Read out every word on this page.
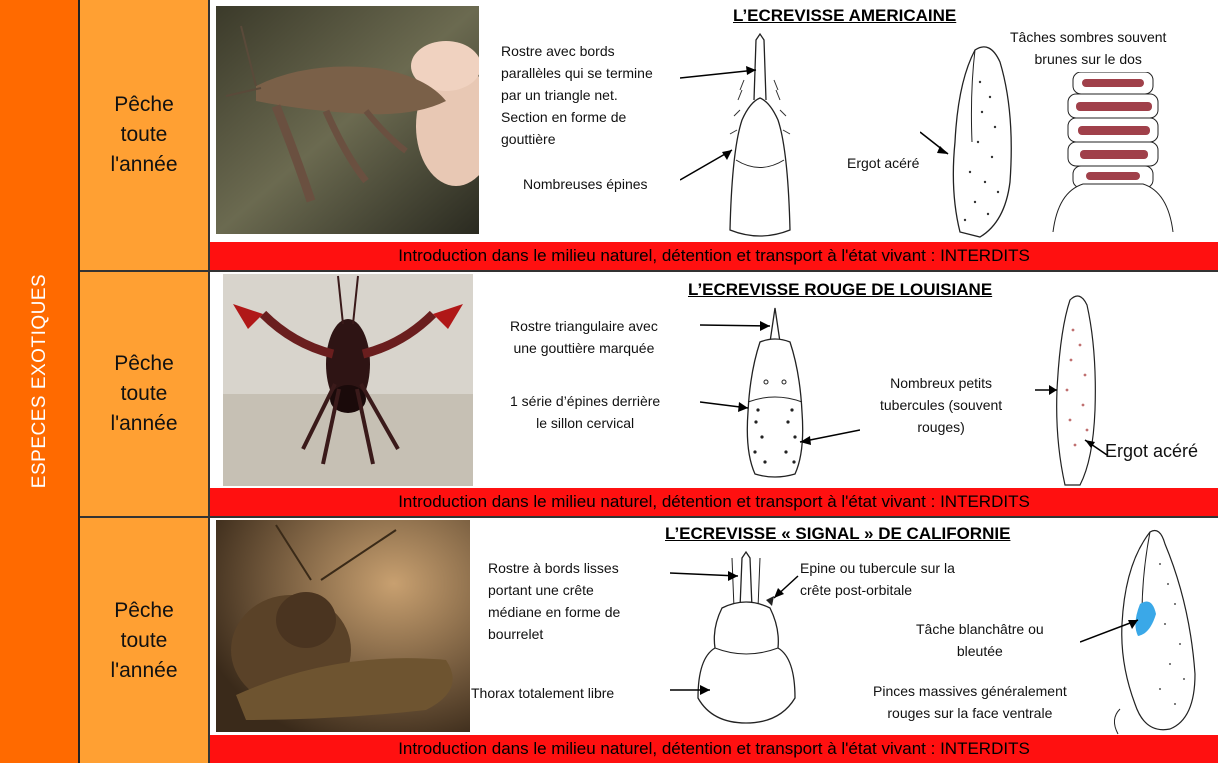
ESPECES EXOTIQUES

Pêche
toute
l'année

L’ECREVISSE AMERICAINE
Rostre avec bords
parallèles qui se termine
par un triangle net.
Section en forme de
gouttière
Nombreuses épines
Ergot acéré
Tâches sombres souvent
brunes sur le dos
Introduction dans le milieu naturel, détention et transport à l'état vivant : INTERDITS

Pêche
toute
l'année

L’ECREVISSE ROUGE DE LOUISIANE
Rostre triangulaire avec
une gouttière marquée
1 série d’épines derrière
le sillon cervical
Nombreux petits
tubercules (souvent
rouges)
Ergot acéré
Introduction dans le milieu naturel, détention et transport à l'état vivant : INTERDITS

Pêche
toute
l'année

L’ECREVISSE « SIGNAL » DE CALIFORNIE
Rostre à bords lisses
portant une crête
médiane en forme de
bourrelet
Epine ou tubercule sur la
crête post-orbitale
Thorax totalement libre
Tâche blanchâtre ou
bleutée
Pinces massives généralement
rouges sur la face ventrale
Introduction dans le milieu naturel, détention et transport à l'état vivant : INTERDITS
